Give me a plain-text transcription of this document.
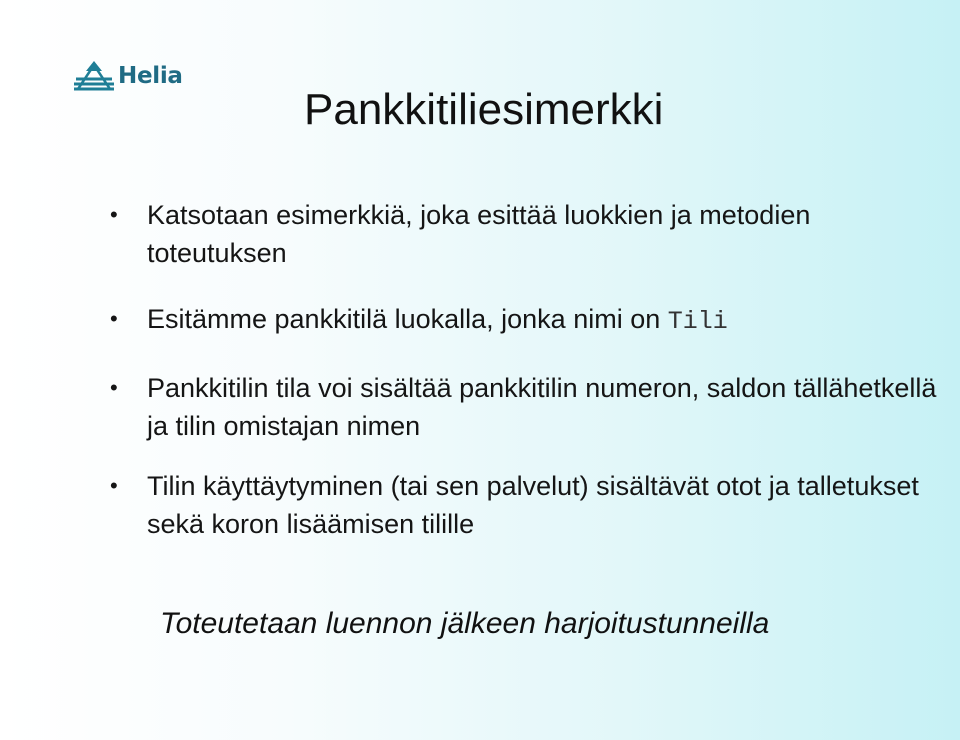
Helia
Pankkitiliesimerkki
• Katsotaan esimerkkiä, joka esittää luokkien ja metodien toteutuksen
• Esitämme pankkitilä luokalla, jonka nimi on Tili
• Pankkitilin tila voi sisältää pankkitilin numeron, saldon tällähetkellä ja tilin omistajan nimen
• Tilin käyttäytyminen (tai sen palvelut) sisältävät otot ja talletukset sekä koron lisäämisen tilille

Toteutetaan luennon jälkeen harjoitustunneilla
